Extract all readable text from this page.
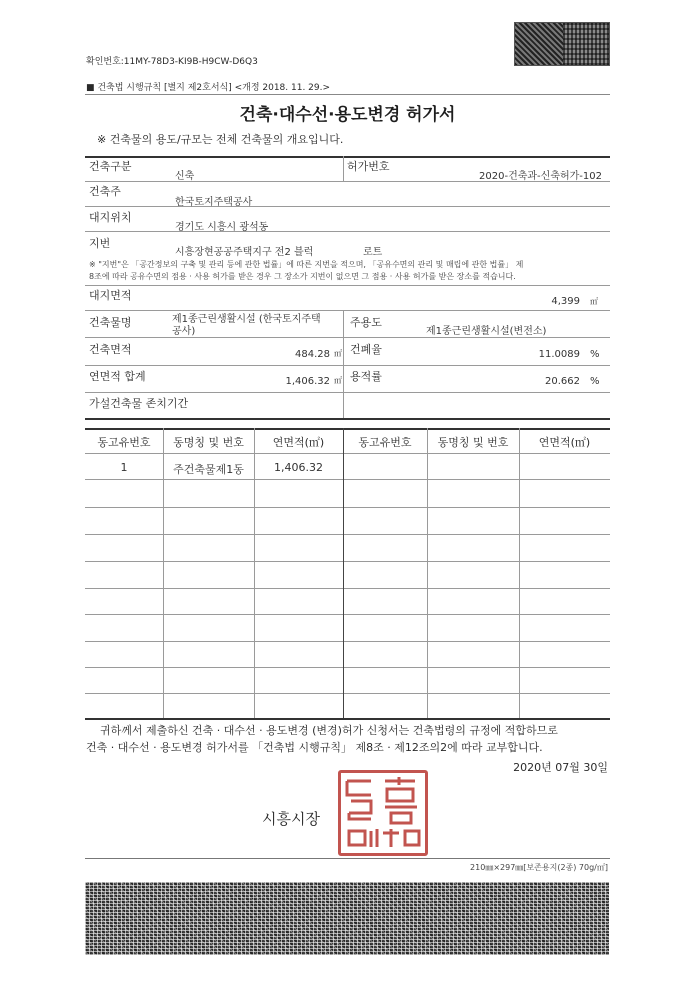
확인번호:11MY-78D3-KI9B-H9CW-D6Q3
■ 건축법 시행규칙 [별지 제2호서식] <개정 2018. 11. 29.>
건축·대수선·용도변경 허가서
※ 건축물의 용도/규모는 전체 건축물의 개요입니다.
건축구분
신축
허가번호
2020-건축과-신축허가-102
건축주
한국토지주택공사
대지위치
경기도 시흥시 광석동
지번
시흥장현공공주택지구 전2 블럭	로트
※ "지번"은 「공간정보의 구축 및 관리 등에 관한 법률」에 따른 지번을 적으며, 「공유수면의 관리 및 매립에 관한 법률」 제
8조에 따라 공유수면의 점용 · 사용 허가를 받은 경우 그 장소가 지번이 없으면 그 점용 · 사용 허가를 받은 장소를 적습니다.
대지면적	4,399 ㎡
건축물명	제1종근린생활시설 (한국토지주택
공사)
주용도
제1종근린생활시설(변전소)
건축면적	484.28 ㎡ 건폐율	11.0089 %
연면적 합계	1,406.32 ㎡ 용적률	20.662 %
가설건축물 존치기간
동고유번호	동명칭 및 번호	연면적(㎡)	동고유번호	동명칭 및 번호	연면적(㎡)
1	주건축물제1동	1,406.32
귀하께서 제출하신 건축 · 대수선 · 용도변경 (변경)허가 신청서는 건축법령의 규정에 적합하므로
건축 · 대수선 · 용도변경 허가서를 「건축법 시행규칙」 제8조 · 제12조의2에 따라 교부합니다.
2020년 07월 30일
시흥시장
210㎜×297㎜[보존용지(2종) 70g/㎡]
